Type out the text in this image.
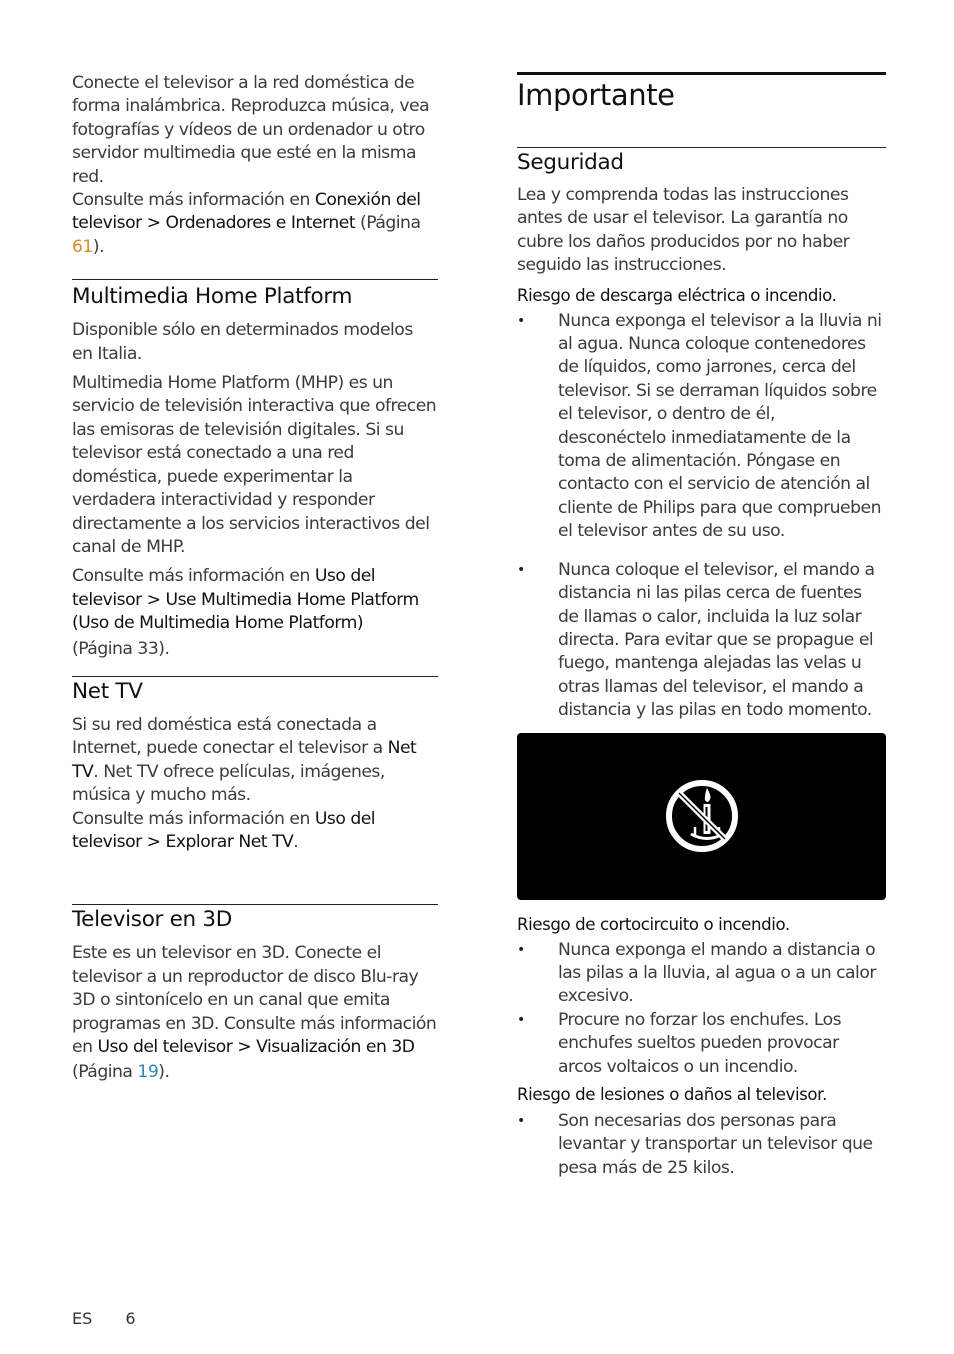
Conecte el televisor a la red doméstica de forma inalámbrica. Reproduzca música, vea fotografías y vídeos de un ordenador u otro servidor multimedia que esté en la misma red.

Consulte más información en Conexión del televisor > Ordenadores e Internet (Página 61).

Multimedia Home Platform

Disponible sólo en determinados modelos en Italia.

Multimedia Home Platform (MHP) es un servicio de televisión interactiva que ofrecen las emisoras de televisión digitales. Si su televisor está conectado a una red doméstica, puede experimentar la verdadera interactividad y responder directamente a los servicios interactivos del canal de MHP.

Consulte más información en Uso del televisor > Use Multimedia Home Platform (Uso de Multimedia Home Platform)

(Página 33).

Net TV

Si su red doméstica está conectada a Internet, puede conectar el televisor a Net TV. Net TV ofrece películas, imágenes, música y mucho más.

Consulte más información en Uso del televisor > Explorar Net TV.

Televisor en 3D

Este es un televisor en 3D. Conecte el televisor a un reproductor de disco Blu-ray 3D o sintonícelo en un canal que emita programas en 3D. Consulte más información en Uso del televisor > Visualización en 3D

(Página 19).

Importante
Seguridad

Lea y comprenda todas las instrucciones antes de usar el televisor. La garantía no cubre los daños producidos por no haber seguido las instrucciones.

Riesgo de descarga eléctrica o incendio.

• Nunca exponga el televisor a la lluvia ni al agua. Nunca coloque contenedores de líquidos, como jarrones, cerca del televisor. Si se derraman líquidos sobre el televisor, o dentro de él, desconéctelo inmediatamente de la toma de alimentación. Póngase en contacto con el servicio de atención al cliente de Philips para que comprueben el televisor antes de su uso.
• Nunca coloque el televisor, el mando a distancia ni las pilas cerca de fuentes de llamas o calor, incluida la luz solar directa. Para evitar que se propague el fuego, mantenga alejadas las velas u otras llamas del televisor, el mando a distancia y las pilas en todo momento.

Riesgo de cortocircuito o incendio.

• Nunca exponga el mando a distancia o las pilas a la lluvia, al agua o a un calor excesivo.
• Procure no forzar los enchufes. Los enchufes sueltos pueden provocar arcos voltaicos o un incendio.

Riesgo de lesiones o daños al televisor.

• Son necesarias dos personas para levantar y transportar un televisor que pesa más de 25 kilos.
ES 6
